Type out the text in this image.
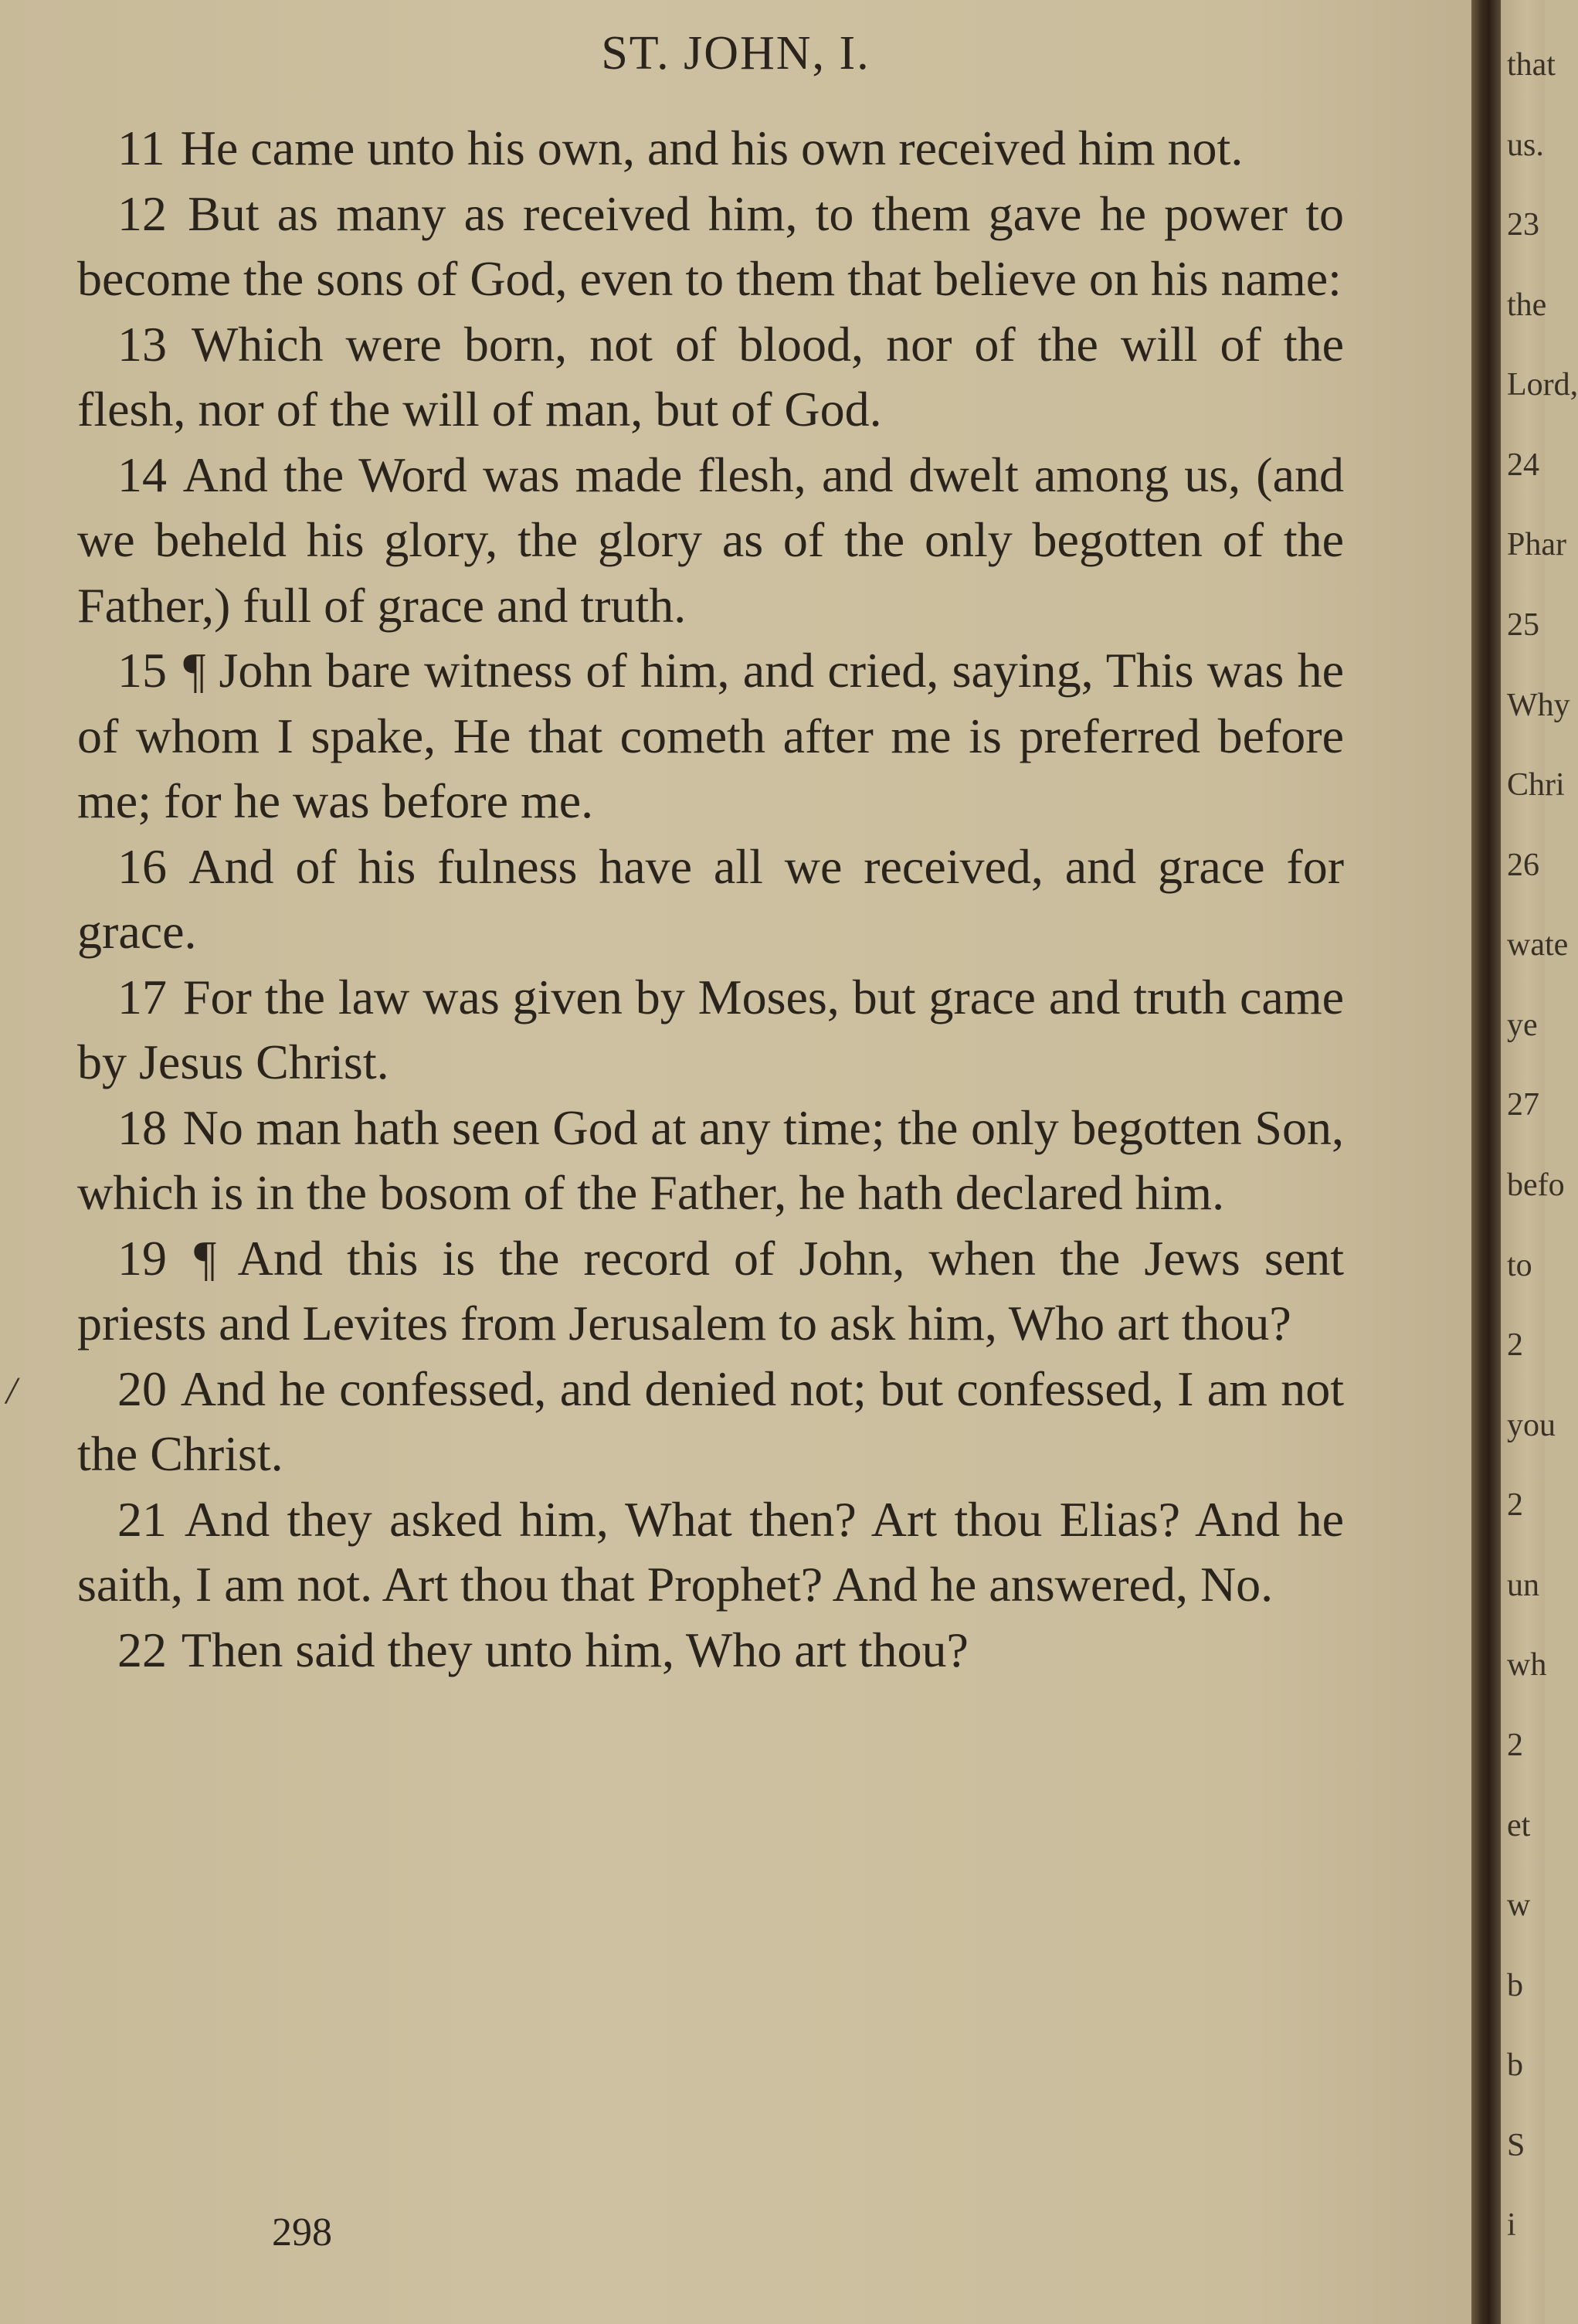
ST. JOHN, I.

11 He came unto his own, and his own received him not.

12 But as many as received him, to them gave he power to become the sons of God, even to them that believe on his name:

13 Which were born, not of blood, nor of the will of the flesh, nor of the will of man, but of God.

14 And the Word was made flesh, and dwelt among us, (and we beheld his glory, the glory as of the only begotten of the Father,) full of grace and truth.

15 ¶ John bare witness of him, and cried, saying, This was he of whom I spake, He that cometh after me is preferred before me; for he was before me.

16 And of his fulness have all we received, and grace for grace.

17 For the law was given by Moses, but grace and truth came by Jesus Christ.

18 No man hath seen God at any time; the only begotten Son, which is in the bosom of the Father, he hath declared him.

19 ¶ And this is the record of John, when the Jews sent priests and Levites from Jerusalem to ask him, Who art thou?

20 And he confessed, and denied not; but confessed, I am not the Christ.

21 And they asked him, What then? Art thou Elias? And he saith, I am not. Art thou that Prophet? And he answered, No.

22 Then said they unto him, Who art thou?

298
/
that
us.
23
the
Lord,
24
Phar
25
Why
Chri
26
wate
ye
27
befo
to
2
you
2
un
wh
2
et
w
b
b
S
i
